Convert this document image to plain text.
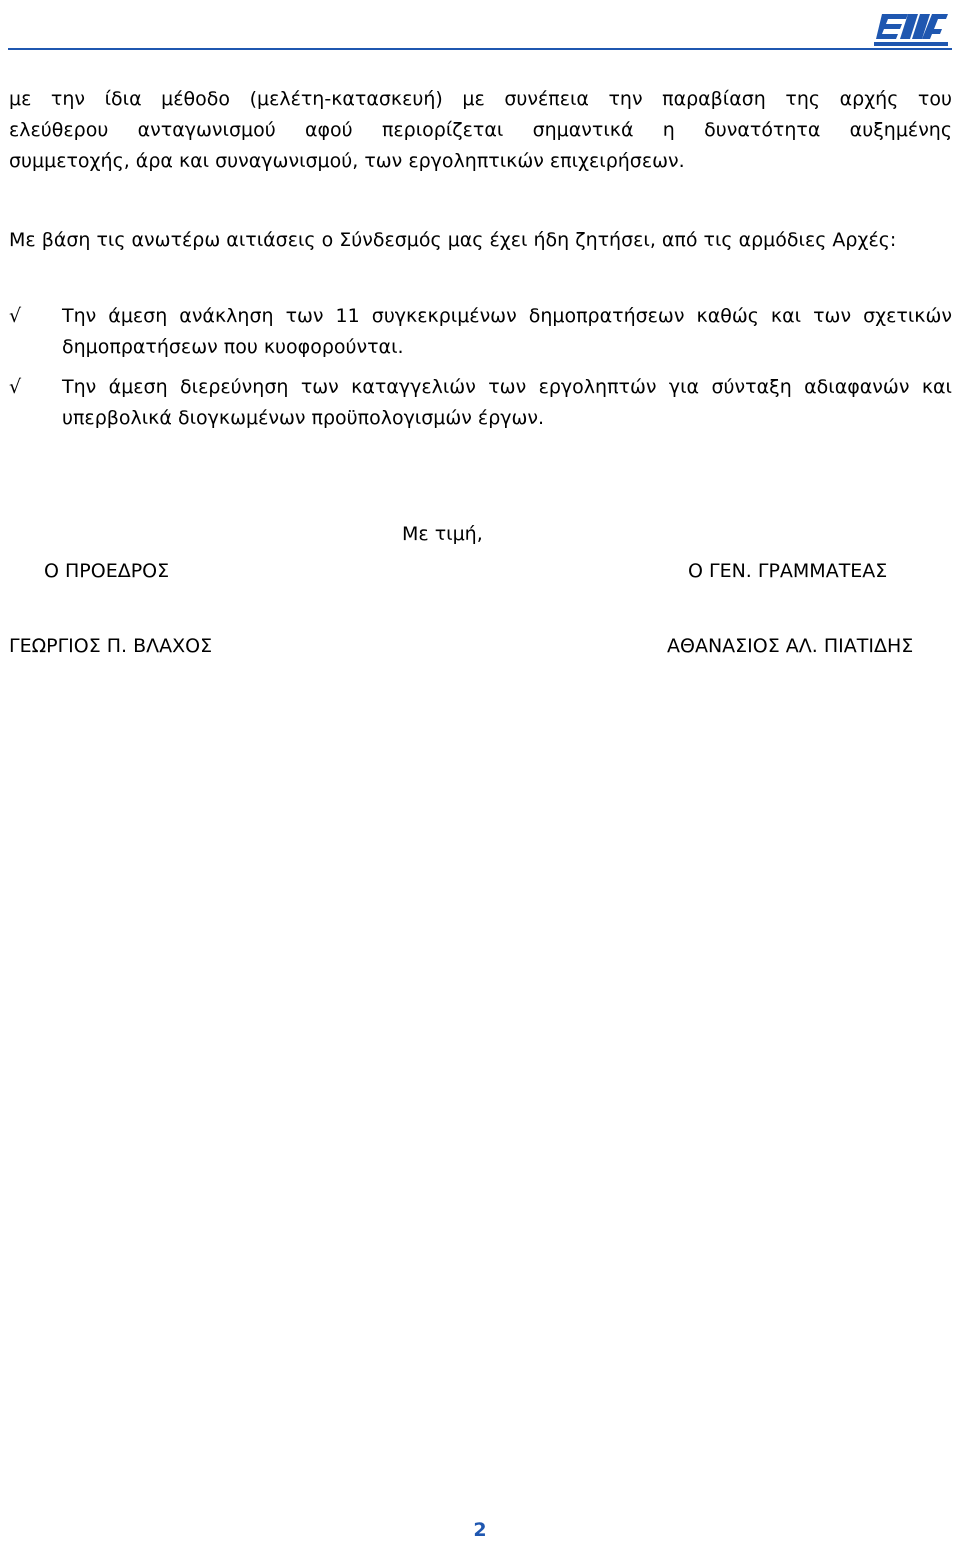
με την ίδια μέθοδο (μελέτη-κατασκευή) με συνέπεια την παραβίαση της αρχής του
ελεύθερου ανταγωνισμού αφού περιορίζεται σημαντικά η δυνατότητα αυξημένης
συμμετοχής, άρα και συναγωνισμού, των εργοληπτικών επιχειρήσεων.
Με βάση τις ανωτέρω αιτιάσεις ο Σύνδεσμός μας έχει ήδη ζητήσει, από τις αρμόδιες Αρχές:
√	Την άμεση ανάκληση των 11 συγκεκριμένων δημοπρατήσεων καθώς και των σχετικών
δημοπρατήσεων που κυοφορούνται.
√	Την άμεση διερεύνηση των καταγγελιών των εργοληπτών για σύνταξη αδιαφανών και
υπερβολικά διογκωμένων προϋπολογισμών έργων.
Με τιμή,
Ο ΠΡΟΕΔΡΟΣ	Ο ΓΕΝ. ΓΡΑΜΜΑΤΕΑΣ
ΓΕΩΡΓΙΟΣ Π. ΒΛΑΧΟΣ	ΑΘΑΝΑΣΙΟΣ ΑΛ. ΠΙΑΤΙΔΗΣ
2
